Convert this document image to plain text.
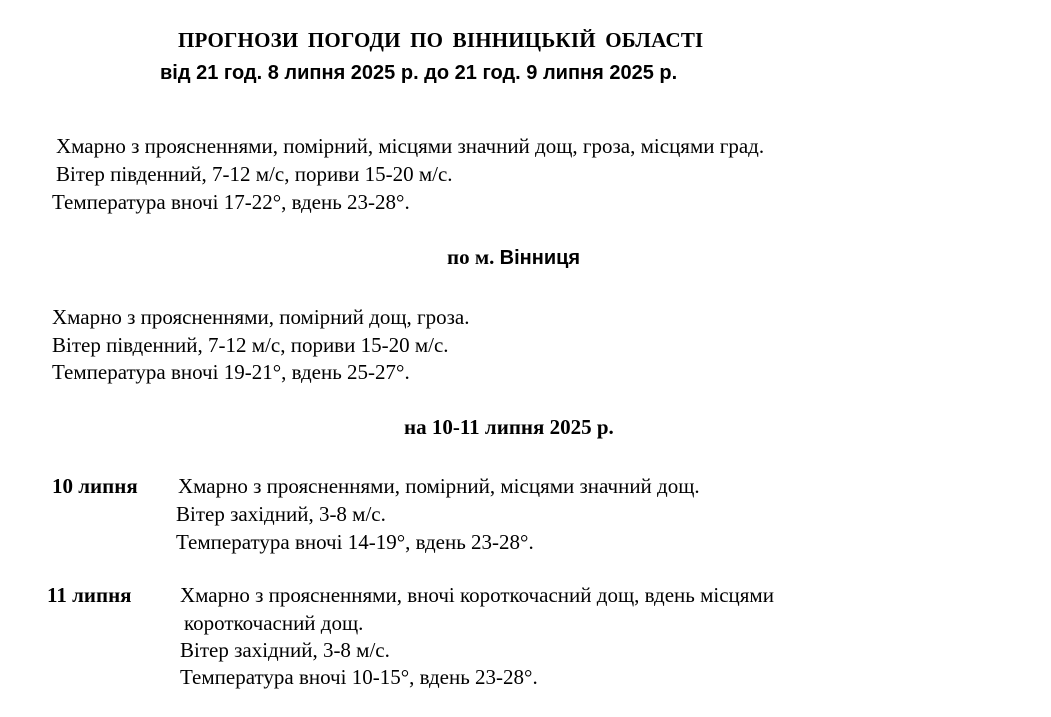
ПРОГНОЗИ ПОГОДИ ПО ВІННИЦЬКІЙ ОБЛАСТІ
від 21 год. 8 липня 2025 р. до 21 год. 9 липня 2025 р.
Хмарно з проясненнями, помірний, місцями значний дощ, гроза, місцями град.
Вітер південний, 7-12 м/с, пориви 15-20 м/с.
Температура вночі 17-22°, вдень 23-28°.
по м. Вінниця
Хмарно з проясненнями, помірний дощ, гроза.
Вітер південний, 7-12 м/с, пориви 15-20 м/с.
Температура вночі 19-21°, вдень 25-27°.
на 10-11 липня 2025 р.
10 липня Хмарно з проясненнями, помірний, місцями значний дощ.
Вітер західний, 3-8 м/с.
Температура вночі 14-19°, вдень 23-28°.
11 липня Хмарно з проясненнями, вночі короткочасний дощ, вдень місцями
короткочасний дощ.
Вітер західний, 3-8 м/с.
Температура вночі 10-15°, вдень 23-28°.
